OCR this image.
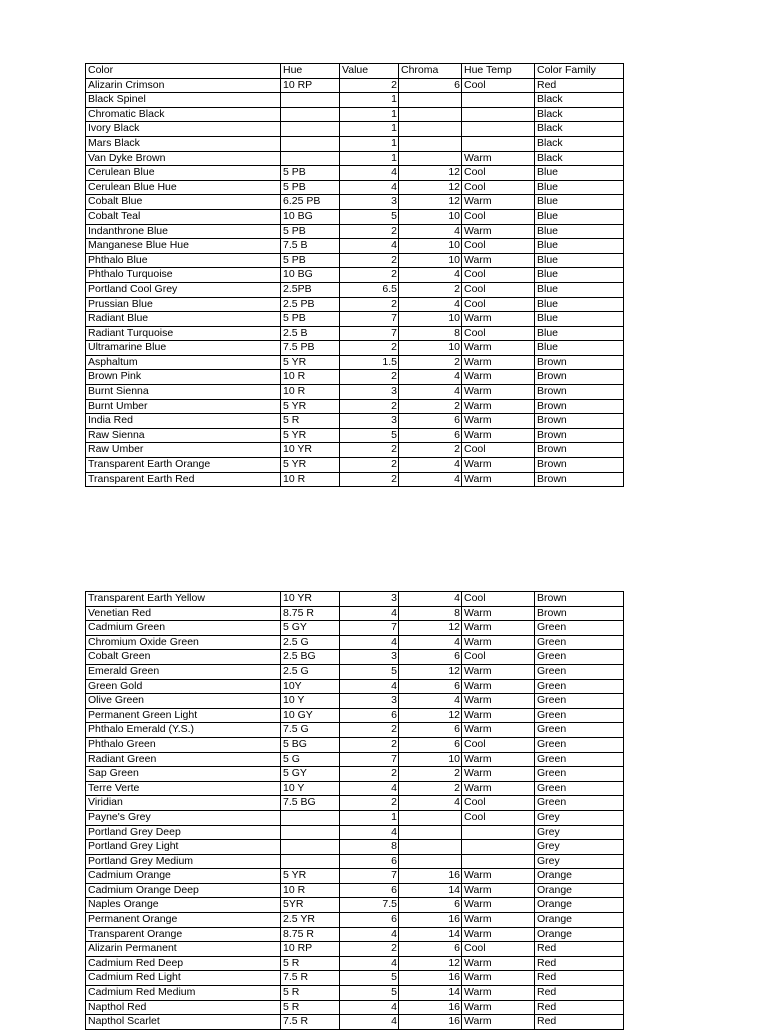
Color	Hue	Value	Chroma	Hue Temp	Color Family
Alizarin Crimson	10 RP	2	6	Cool	Red
Black Spinel		1			Black
Chromatic Black		1			Black
Ivory Black		1			Black
Mars Black		1			Black
Van Dyke Brown		1		Warm	Black
Cerulean Blue	5 PB	4	12	Cool	Blue
Cerulean Blue Hue	5 PB	4	12	Cool	Blue
Cobalt Blue	6.25 PB	3	12	Warm	Blue
Cobalt Teal	10 BG	5	10	Cool	Blue
Indanthrone Blue	5 PB	2	4	Warm	Blue
Manganese Blue Hue	7.5 B	4	10	Cool	Blue
Phthalo Blue	5 PB	2	10	Warm	Blue
Phthalo Turquoise	10 BG	2	4	Cool	Blue
Portland Cool Grey	2.5PB	6.5	2	Cool	Blue
Prussian Blue	2.5 PB	2	4	Cool	Blue
Radiant Blue	5 PB	7	10	Warm	Blue
Radiant Turquoise	2.5 B	7	8	Cool	Blue
Ultramarine Blue	7.5 PB	2	10	Warm	Blue
Asphaltum	5 YR	1.5	2	Warm	Brown
Brown Pink	10 R	2	4	Warm	Brown
Burnt Sienna	10 R	3	4	Warm	Brown
Burnt Umber	5 YR	2	2	Warm	Brown
India Red	5 R	3	6	Warm	Brown
Raw Sienna	5 YR	5	6	Warm	Brown
Raw Umber	10 YR	2	2	Cool	Brown
Transparent Earth Orange	5 YR	2	4	Warm	Brown
Transparent Earth Red	10 R	2	4	Warm	Brown
Transparent Earth Yellow	10 YR	3	4	Cool	Brown
Venetian Red	8.75 R	4	8	Warm	Brown
Cadmium Green	5 GY	7	12	Warm	Green
Chromium Oxide Green	2.5 G	4	4	Warm	Green
Cobalt Green	2.5 BG	3	6	Cool	Green
Emerald Green	2.5 G	5	12	Warm	Green
Green Gold	10Y	4	6	Warm	Green
Olive Green	10 Y	3	4	Warm	Green
Permanent Green Light	10 GY	6	12	Warm	Green
Phthalo Emerald (Y.S.)	7.5 G	2	6	Warm	Green
Phthalo Green	5 BG	2	6	Cool	Green
Radiant Green	5 G	7	10	Warm	Green
Sap Green	5 GY	2	2	Warm	Green
Terre Verte	10 Y	4	2	Warm	Green
Viridian	7.5 BG	2	4	Cool	Green
Payne's Grey		1		Cool	Grey
Portland Grey Deep		4			Grey
Portland Grey Light		8			Grey
Portland Grey Medium		6			Grey
Cadmium Orange	5 YR	7	16	Warm	Orange
Cadmium Orange Deep	10 R	6	14	Warm	Orange
Naples Orange	5YR	7.5	6	Warm	Orange
Permanent Orange	2.5 YR	6	16	Warm	Orange
Transparent Orange	8.75 R	4	14	Warm	Orange
Alizarin Permanent	10 RP	2	6	Cool	Red
Cadmium Red Deep	5 R	4	12	Warm	Red
Cadmium Red Light	7.5 R	5	16	Warm	Red
Cadmium Red Medium	5 R	5	14	Warm	Red
Napthol Red	5 R	4	16	Warm	Red
Napthol Scarlet	7.5 R	4	16	Warm	Red
